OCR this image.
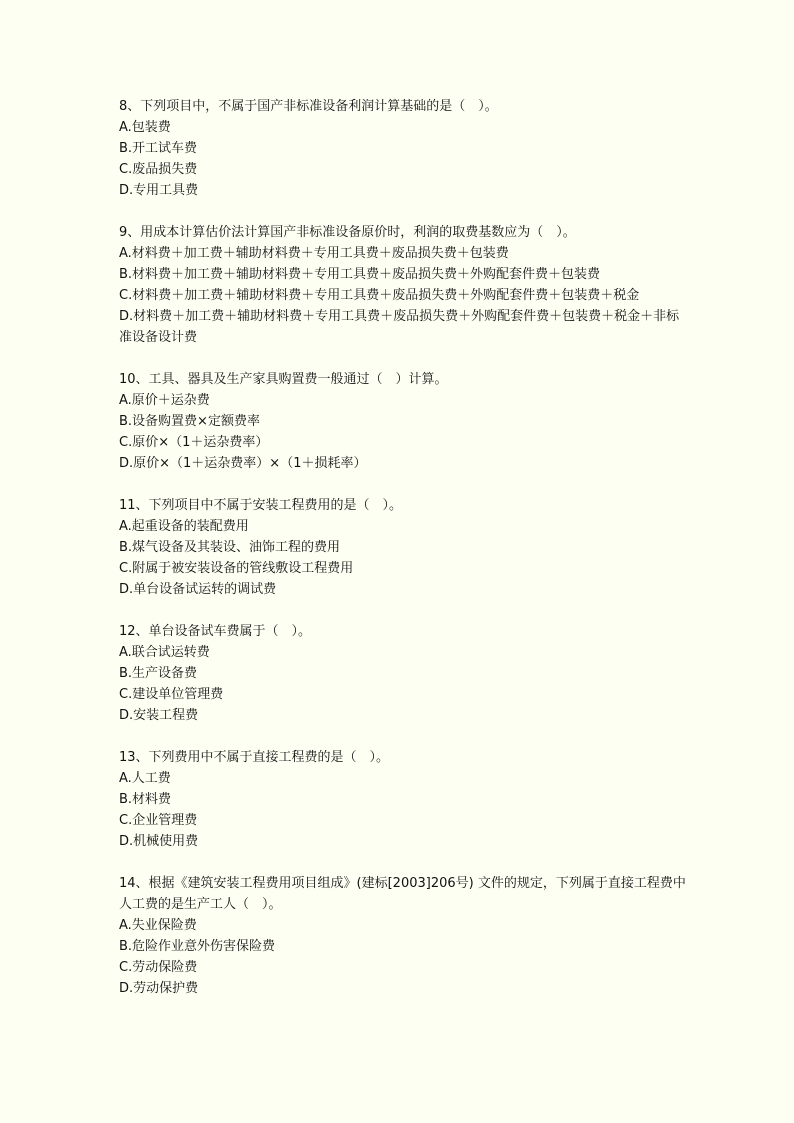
8、下列项目中，不属于国产非标准设备利润计算基础的是（　）。

A.包装费

B.开工试车费

C.废品损失费

D.专用工具费

9、用成本计算估价法计算国产非标准设备原价时，利润的取费基数应为（　）。

A.材料费＋加工费＋辅助材料费＋专用工具费＋废品损失费＋包装费

B.材料费＋加工费＋辅助材料费＋专用工具费＋废品损失费＋外购配套件费＋包装费

C.材料费＋加工费＋辅助材料费＋专用工具费＋废品损失费＋外购配套件费＋包装费＋税金

D.材料费＋加工费＋辅助材料费＋专用工具费＋废品损失费＋外购配套件费＋包装费＋税金＋非标准设备设计费

10、工具、器具及生产家具购置费一般通过（　）计算。

A.原价＋运杂费

B.设备购置费×定额费率

C.原价×（1＋运杂费率）

D.原价×（1＋运杂费率）×（1＋损耗率）

11、下列项目中不属于安装工程费用的是（　）。

A.起重设备的装配费用

B.煤气设备及其装设、油饰工程的费用

C.附属于被安装设备的管线敷设工程费用

D.单台设备试运转的调试费

12、单台设备试车费属于（　）。

A.联合试运转费

B.生产设备费

C.建设单位管理费

D.安装工程费

13、下列费用中不属于直接工程费的是（　）。

A.人工费

B.材料费

C.企业管理费

D.机械使用费

14、根据《建筑安装工程费用项目组成》(建标[2003]206号) 文件的规定，下列属于直接工程费中人工费的是生产工人（　）。

A.失业保险费

B.危险作业意外伤害保险费

C.劳动保险费

D.劳动保护费
